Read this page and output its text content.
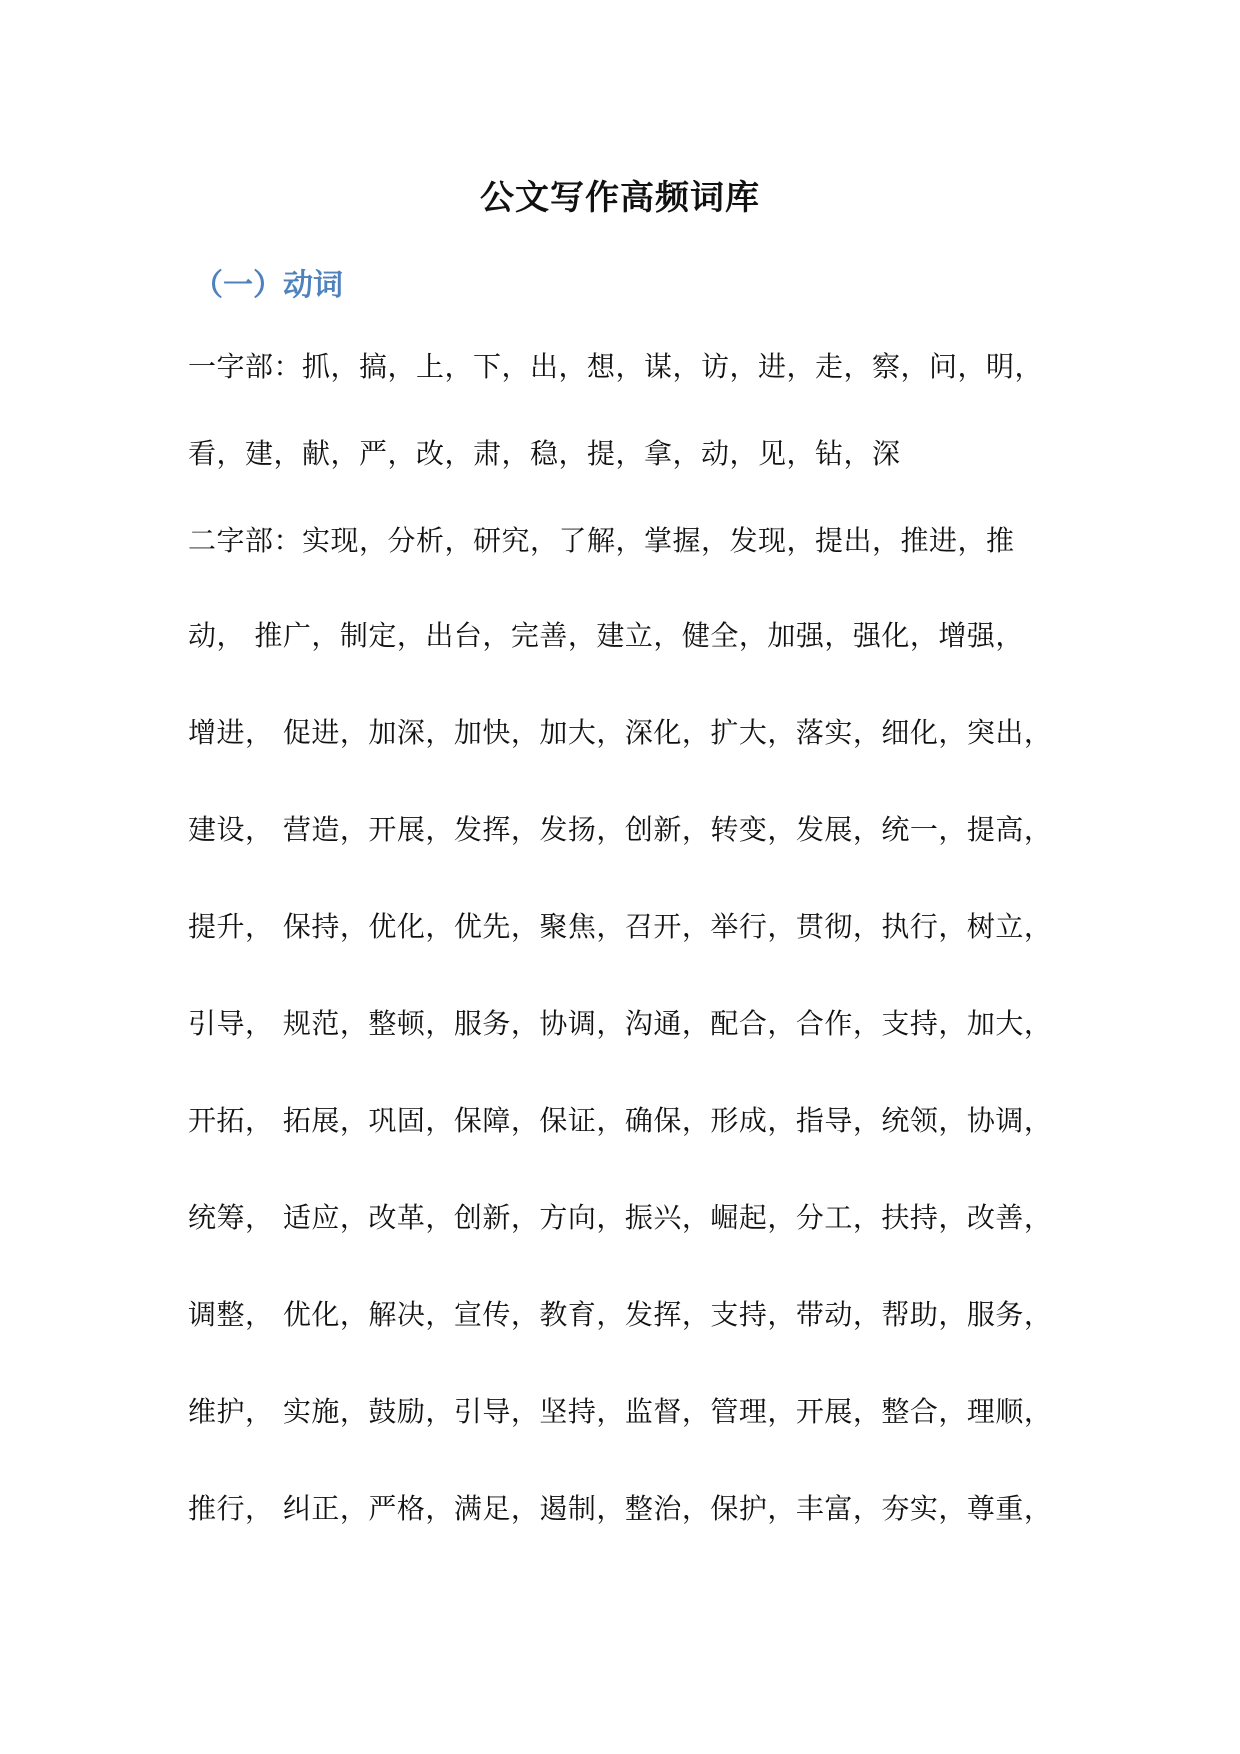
公文写作高频词库
（一）动词
一字部：抓，搞，上，下，出，想，谋，访，进，走，察，问，明，
看，建，献，严，改，肃，稳，提，拿，动，见，钻，深
二字部：实现，分析，研究，了解，掌握，发现，提出，推进，推
动， 推广，制定，出台，完善，建立，健全，加强，强化，增强，
增进， 促进，加深，加快，加大，深化，扩大，落实，细化，突出，
建设， 营造，开展，发挥，发扬，创新，转变，发展，统一，提高，
提升， 保持，优化，优先，聚焦，召开，举行，贯彻，执行，树立，
引导， 规范，整顿，服务，协调，沟通，配合，合作，支持，加大，
开拓， 拓展，巩固，保障，保证，确保，形成，指导，统领，协调，
统筹， 适应，改革，创新，方向，振兴，崛起，分工，扶持，改善，
调整， 优化，解决，宣传，教育，发挥，支持，带动，帮助，服务，
维护， 实施，鼓励，引导，坚持，监督，管理，开展，整合，理顺，
推行， 纠正，严格，满足，遏制，整治，保护，丰富，夯实，尊重，
